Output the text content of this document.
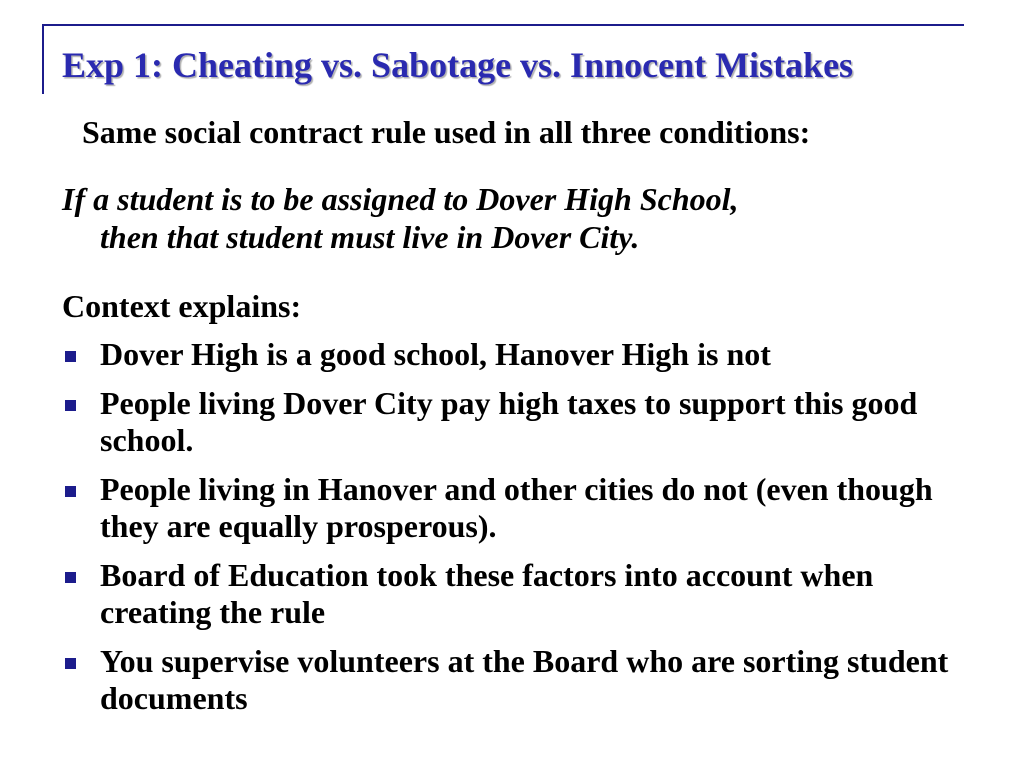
Exp 1: Cheating vs. Sabotage vs. Innocent Mistakes
Same social contract rule used in all three conditions:
If a student is to be assigned to Dover High School,
then that student must live in Dover City.
Context explains:
Dover High is a good school, Hanover High is not
People living Dover City pay high taxes to support this good school.
People living in Hanover and other cities do not (even though they are equally prosperous).
Board of Education took these factors into account when creating the rule
You supervise volunteers at the Board who are sorting student documents
